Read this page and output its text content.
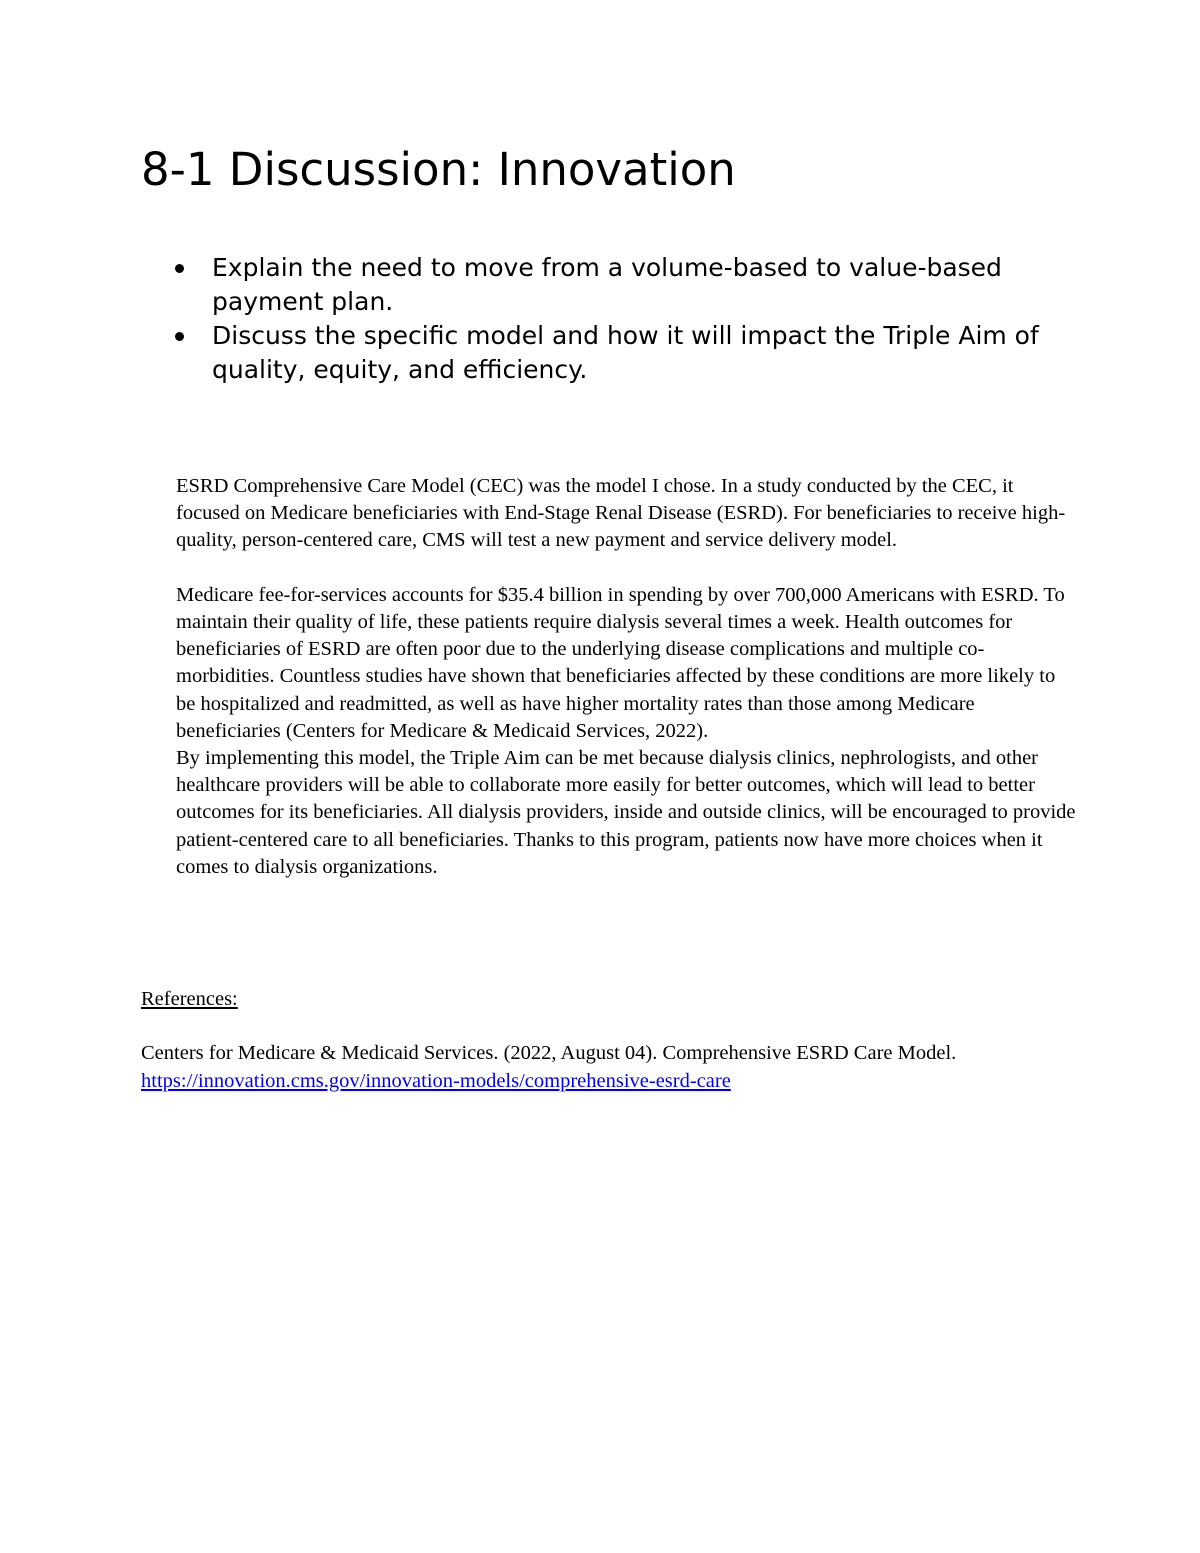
8-1 Discussion: Innovation
Explain the need to move from a volume-based to value-based payment plan.
Discuss the specific model and how it will impact the Triple Aim of quality, equity, and efficiency.

ESRD Comprehensive Care Model (CEC) was the model I chose. In a study conducted by the CEC, it focused on Medicare beneficiaries with End-Stage Renal Disease (ESRD). For beneficiaries to receive high-quality, person-centered care, CMS will test a new payment and service delivery model.

Medicare fee-for-services accounts for $35.4 billion in spending by over 700,000 Americans with ESRD. To maintain their quality of life, these patients require dialysis several times a week. Health outcomes for beneficiaries of ESRD are often poor due to the underlying disease complications and multiple co-morbidities. Countless studies have shown that beneficiaries affected by these conditions are more likely to be hospitalized and readmitted, as well as have higher mortality rates than those among Medicare beneficiaries (Centers for Medicare & Medicaid Services, 2022).

By implementing this model, the Triple Aim can be met because dialysis clinics, nephrologists, and other healthcare providers will be able to collaborate more easily for better outcomes, which will lead to better outcomes for its beneficiaries. All dialysis providers, inside and outside clinics, will be encouraged to provide patient-centered care to all beneficiaries. Thanks to this program, patients now have more choices when it comes to dialysis organizations.

References:

Centers for Medicare & Medicaid Services. (2022, August 04). Comprehensive ESRD Care Model.

https://innovation.cms.gov/innovation-models/comprehensive-esrd-care
